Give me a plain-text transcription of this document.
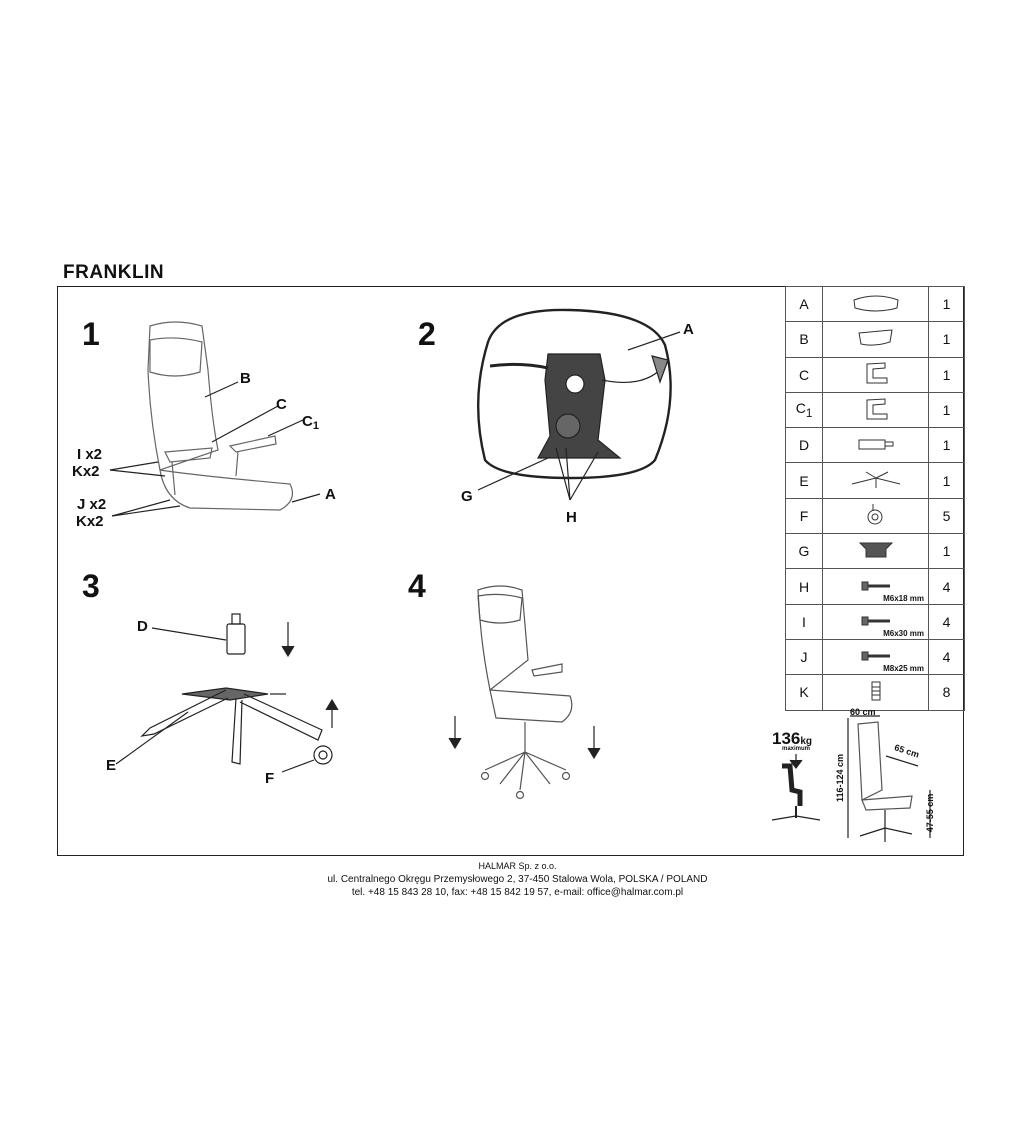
FRANKLIN
1	2
3	4
B
C
$C_1$
I x2
Kx2
J x2
Kx2
A
A
G
H
D
E
F
A		1
B		1
C		1
$C_1$		1
D		1
E		1
F		5
G		1
H	M6x18 mm	4
I	M6x30 mm	4
J	M8x25 mm	4
K		8
136kg
maximum
60 cm
65 cm
116-124 cm
47-55 cm
HALMAR Sp. z o.o.
ul. Centralnego Okręgu Przemysłowego 2, 37-450 Stalowa Wola, POLSKA / POLAND
tel. +48 15 843 28 10, fax: +48 15 842 19 57, e-mail: office@halmar.com.pl
